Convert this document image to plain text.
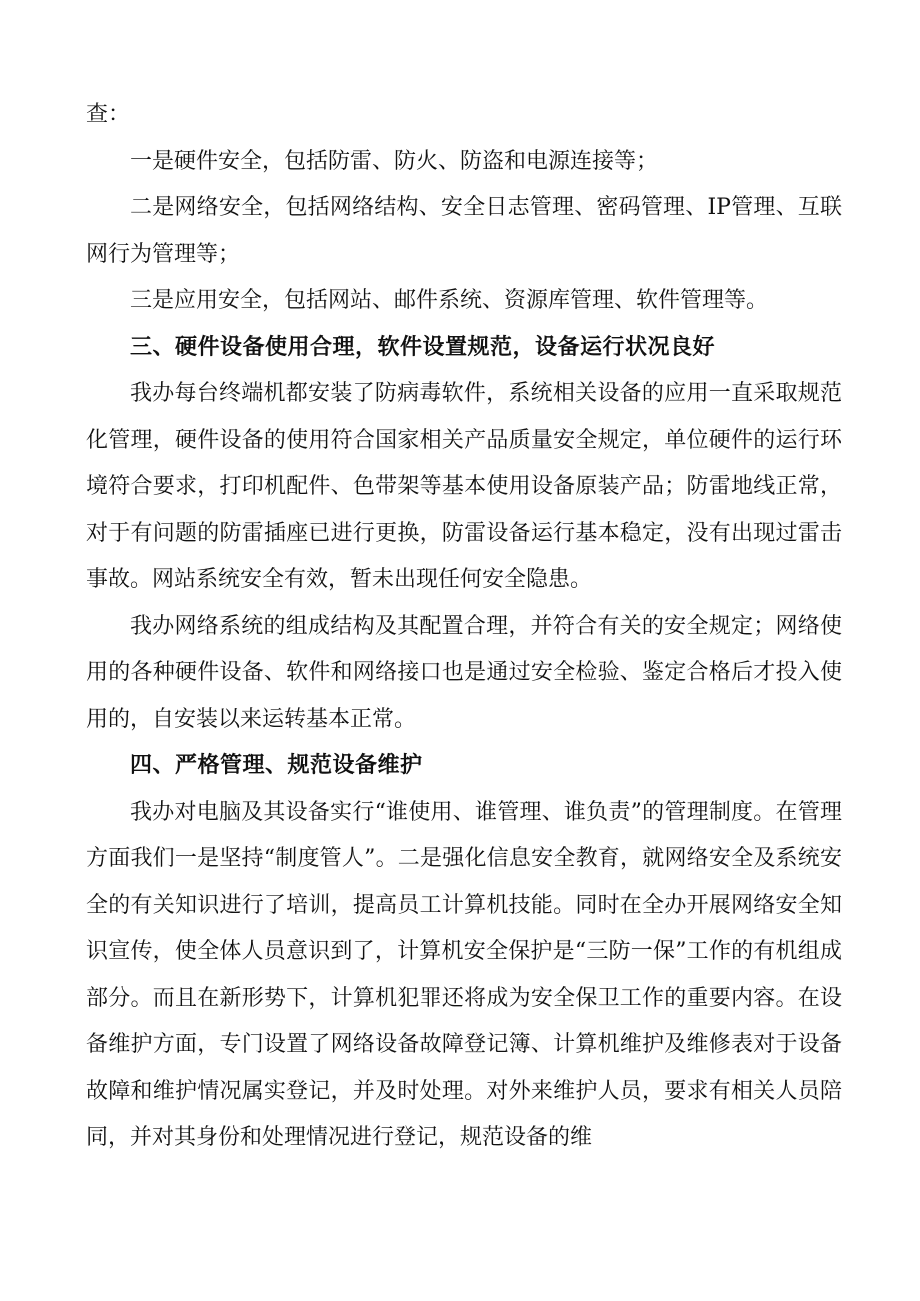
查：

一是硬件安全，包括防雷、防火、防盗和电源连接等；

二是网络安全，包括网络结构、安全日志管理、密码管理、IP管理、互联网行为管理等；

三是应用安全，包括网站、邮件系统、资源库管理、软件管理等。

三、硬件设备使用合理，软件设置规范，设备运行状况良好

我办每台终端机都安装了防病毒软件，系统相关设备的应用一直采取规范化管理，硬件设备的使用符合国家相关产品质量安全规定，单位硬件的运行环境符合要求，打印机配件、色带架等基本使用设备原装产品；防雷地线正常，对于有问题的防雷插座已进行更换，防雷设备运行基本稳定，没有出现过雷击事故。网站系统安全有效，暂未出现任何安全隐患。

我办网络系统的组成结构及其配置合理，并符合有关的安全规定；网络使用的各种硬件设备、软件和网络接口也是通过安全检验、鉴定合格后才投入使用的，自安装以来运转基本正常。

四、严格管理、规范设备维护

我办对电脑及其设备实行“谁使用、谁管理、谁负责”的管理制度。在管理方面我们一是坚持“制度管人”。二是强化信息安全教育，就网络安全及系统安全的有关知识进行了培训，提高员工计算机技能。同时在全办开展网络安全知识宣传，使全体人员意识到了，计算机安全保护是“三防一保”工作的有机组成部分。而且在新形势下，计算机犯罪还将成为安全保卫工作的重要内容。在设备维护方面，专门设置了网络设备故障登记簿、计算机维护及维修表对于设备故障和维护情况属实登记，并及时处理。对外来维护人员，要求有相关人员陪同，并对其身份和处理情况进行登记，规范设备的维
